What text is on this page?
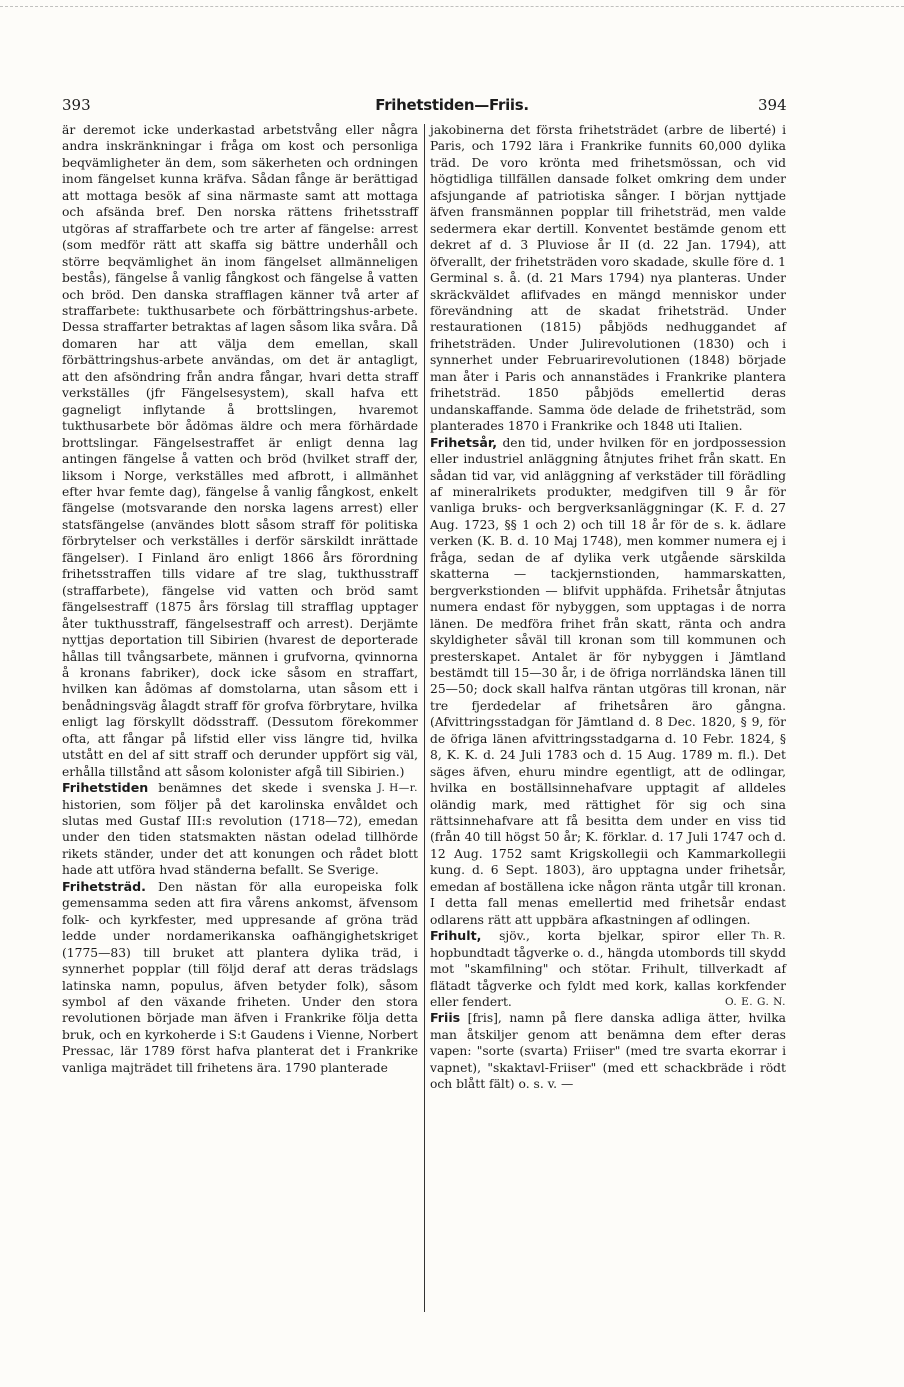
393	Frihetstiden—Friis.	394

är deremot icke underkastad arbetstvång eller några andra inskränkningar i fråga om kost och personliga beqvämligheter än dem, som säkerheten och ordningen inom fängelset kunna kräfva. Sådan fånge är berättigad att mottaga besök af sina närmaste samt att mottaga och afsända bref. Den norska rättens frihetsstraff utgöras af straffarbete och tre arter af fängelse: arrest (som medför rätt att skaffa sig bättre underhåll och större beqvämlighet än inom fängelset allmänneligen bestås), fängelse å vanlig fångkost och fängelse å vatten och bröd. Den danska strafflagen känner två arter af straffarbete: tukthusarbete och förbättringshus-arbete. Dessa straffarter betraktas af lagen såsom lika svåra. Då domaren har att välja dem emellan, skall förbättringshus-arbete användas, om det är antagligt, att den afsöndring från andra fångar, hvari detta straff verkställes (jfr Fängelsesystem), skall hafva ett gagneligt inflytande å brottslingen, hvaremot tukthusarbete bör ådömas äldre och mera förhärdade brottslingar. Fängelsestraffet är enligt denna lag antingen fängelse å vatten och bröd (hvilket straff der, liksom i Norge, verkställes med afbrott, i allmänhet efter hvar femte dag), fängelse å vanlig fångkost, enkelt fängelse (motsvarande den norska lagens arrest) eller statsfängelse (användes blott såsom straff för politiska förbrytelser och verkställes i derför särskildt inrättade fängelser). I Finland äro enligt 1866 års förordning frihetsstraffen tills vidare af tre slag, tukthusstraff (straffarbete), fängelse vid vatten och bröd samt fängelsestraff (1875 års förslag till strafflag upptager åter tukthusstraff, fängelsestraff och arrest). Derjämte nyttjas deportation till Sibirien (hvarest de deporterade hållas till tvångsarbete, männen i grufvorna, qvinnorna å kronans fabriker), dock icke såsom en straffart, hvilken kan ådömas af domstolarna, utan såsom ett i benådningsväg ålagdt straff för grofva förbrytare, hvilka enligt lag förskyllt dödsstraff. (Dessutom förekommer ofta, att fångar på lifstid eller viss längre tid, hvilka utstått en del af sitt straff och derunder uppfört sig väl, erhålla tillstånd att såsom kolonister afgå till Sibirien.)
J. H—r.

Frihetstiden benämnes det skede i svenska historien, som följer på det karolinska envåldet och slutas med Gustaf III:s revolution (1718—72), emedan under den tiden statsmakten nästan odelad tillhörde rikets ständer, under det att konungen och rådet blott hade att utföra hvad ständerna befallt. Se Sverige.

Frihetsträd. Den nästan för alla europeiska folk gemensamma seden att fira vårens ankomst, äfvensom folk- och kyrkfester, med uppresande af gröna träd ledde under nordamerikanska oafhängighetskriget (1775—83) till bruket att plantera dylika träd, i synnerhet popplar (till följd deraf att deras trädslags latinska namn, populus, äfven betyder folk), såsom symbol af den växande friheten. Under den stora revolutionen började man äfven i Frankrike följa detta bruk, och en kyrkoherde i S:t Gaudens i Vienne, Norbert Pressac, lär 1789 först hafva planterat det i Frankrike vanliga majträdet till frihetens ära. 1790 planterade

jakobinerna det första frihetsträdet (arbre de liberté) i Paris, och 1792 lära i Frankrike funnits 60,000 dylika träd. De voro krönta med frihetsmössan, och vid högtidliga tillfällen dansade folket omkring dem under afsjungande af patriotiska sånger. I början nyttjade äfven fransmännen popplar till frihetsträd, men valde sedermera ekar dertill. Konventet bestämde genom ett dekret af d. 3 Pluviose år II (d. 22 Jan. 1794), att öfverallt, der frihetsträden voro skadade, skulle före d. 1 Germinal s. å. (d. 21 Mars 1794) nya planteras. Under skräckväldet aflifvades en mängd menniskor under förevändning att de skadat frihetsträd. Under restaurationen (1815) påbjöds nedhuggandet af frihetsträden. Under Julirevolutionen (1830) och i synnerhet under Februarirevolutionen (1848) började man åter i Paris och annanstädes i Frankrike plantera frihetsträd. 1850 påbjöds emellertid deras undanskaffande. Samma öde delade de frihetsträd, som planterades 1870 i Frankrike och 1848 uti Italien.

Frihetsår, den tid, under hvilken för en jordpossession eller industriel anläggning åtnjutes frihet från skatt. En sådan tid var, vid anläggning af verkstäder till förädling af mineralrikets produkter, medgifven till 9 år för vanliga bruks- och bergverksanläggningar (K. F. d. 27 Aug. 1723, §§ 1 och 2) och till 18 år för de s. k. ädlare verken (K. B. d. 10 Maj 1748), men kommer numera ej i fråga, sedan de af dylika verk utgående särskilda skatterna — tackjernstionden, hammarskatten, bergverkstionden — blifvit upphäfda. Frihetsår åtnjutas numera endast för nybyggen, som upptagas i de norra länen. De medföra frihet från skatt, ränta och andra skyldigheter såväl till kronan som till kommunen och presterskapet. Antalet är för nybyggen i Jämtland bestämdt till 15—30 år, i de öfriga norrländska länen till 25—50; dock skall halfva räntan utgöras till kronan, när tre fjerdedelar af frihetsåren äro gångna. (Afvittringsstadgan för Jämtland d. 8 Dec. 1820, § 9, för de öfriga länen afvittringsstadgarna d. 10 Febr. 1824, § 8, K. K. d. 24 Juli 1783 och d. 15 Aug. 1789 m. fl.). Det säges äfven, ehuru mindre egentligt, att de odlingar, hvilka en boställsinnehafvare upptagit af alldeles oländig mark, med rättighet för sig och sina rättsinnehafvare att få besitta dem under en viss tid (från 40 till högst 50 år; K. förklar. d. 17 Juli 1747 och d. 12 Aug. 1752 samt Krigskollegii och Kammarkollegii kung. d. 6 Sept. 1803), äro upptagna under frihetsår, emedan af boställena icke någon ränta utgår till kronan. I detta fall menas emellertid med frihetsår endast odlarens rätt att uppbära afkastningen af odlingen.
Th. R.

Frihult, sjöv., korta bjelkar, spiror eller hopbundtadt tågverke o. d., hängda utombords till skydd mot "skamfilning" och stötar. Frihult, tillverkadt af flätadt tågverke och fyldt med kork, kallas korkfender eller fendert.	O. E. G. N.

Friis [fris], namn på flere danska adliga ätter, hvilka man åtskiljer genom att benämna dem efter deras vapen: "sorte (svarta) Friiser" (med tre svarta ekorrar i vapnet), "skaktavl-Friiser" (med ett schackbräde i rödt och blått fält) o. s. v. —
